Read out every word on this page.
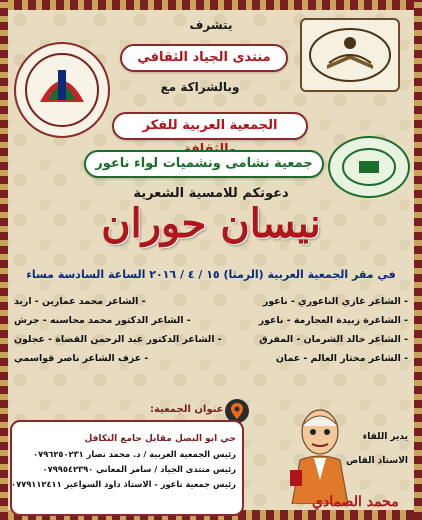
يتشرف
منتدى الجياد الثقافي
وبالشراكة مع
الجمعية العربية للفكر
جمعية نشامى ونشميات لواء ناعور
دعوتكم للامسية الشعرية
نيسان حوران
في مقر الجمعية العربية (الرمثا) ١٥ / ٤ / ٢٠١٦ الساعة السادسة مساء
- الشاعر غازي الناعوري - ناعور
- الشاعر محمد عمارين - اربد
- الشاعرة زبيدة العجارمة - ناعور
- الشاعر الدكتور محمد محاسنه - جرش
- الشاعر خالد الشرمان - المفرق
- الشاعر الدكتور عبد الرحمن القضاة - عجلون
- الشاعر مختار العالم - عمان
- عزف الشاعر ناصر قواسمي
عنوان الجمعية:
حي ابو البصل مقابل جامع التكافل
رئيس الجمعية العربية / د. محمد نصار ٠٧٩٦٢٥٠٢٣١
رئيس منتدى الجياد / سامر المعاني ٠٧٩٩٥٤٢٣٩٠
رئيس جمعية ناعور - الاستاذ داود السواعير ٠٧٧٩١١٢٤١١
يدير اللقاء
الاستاذ القاص
محمد الصمادي
